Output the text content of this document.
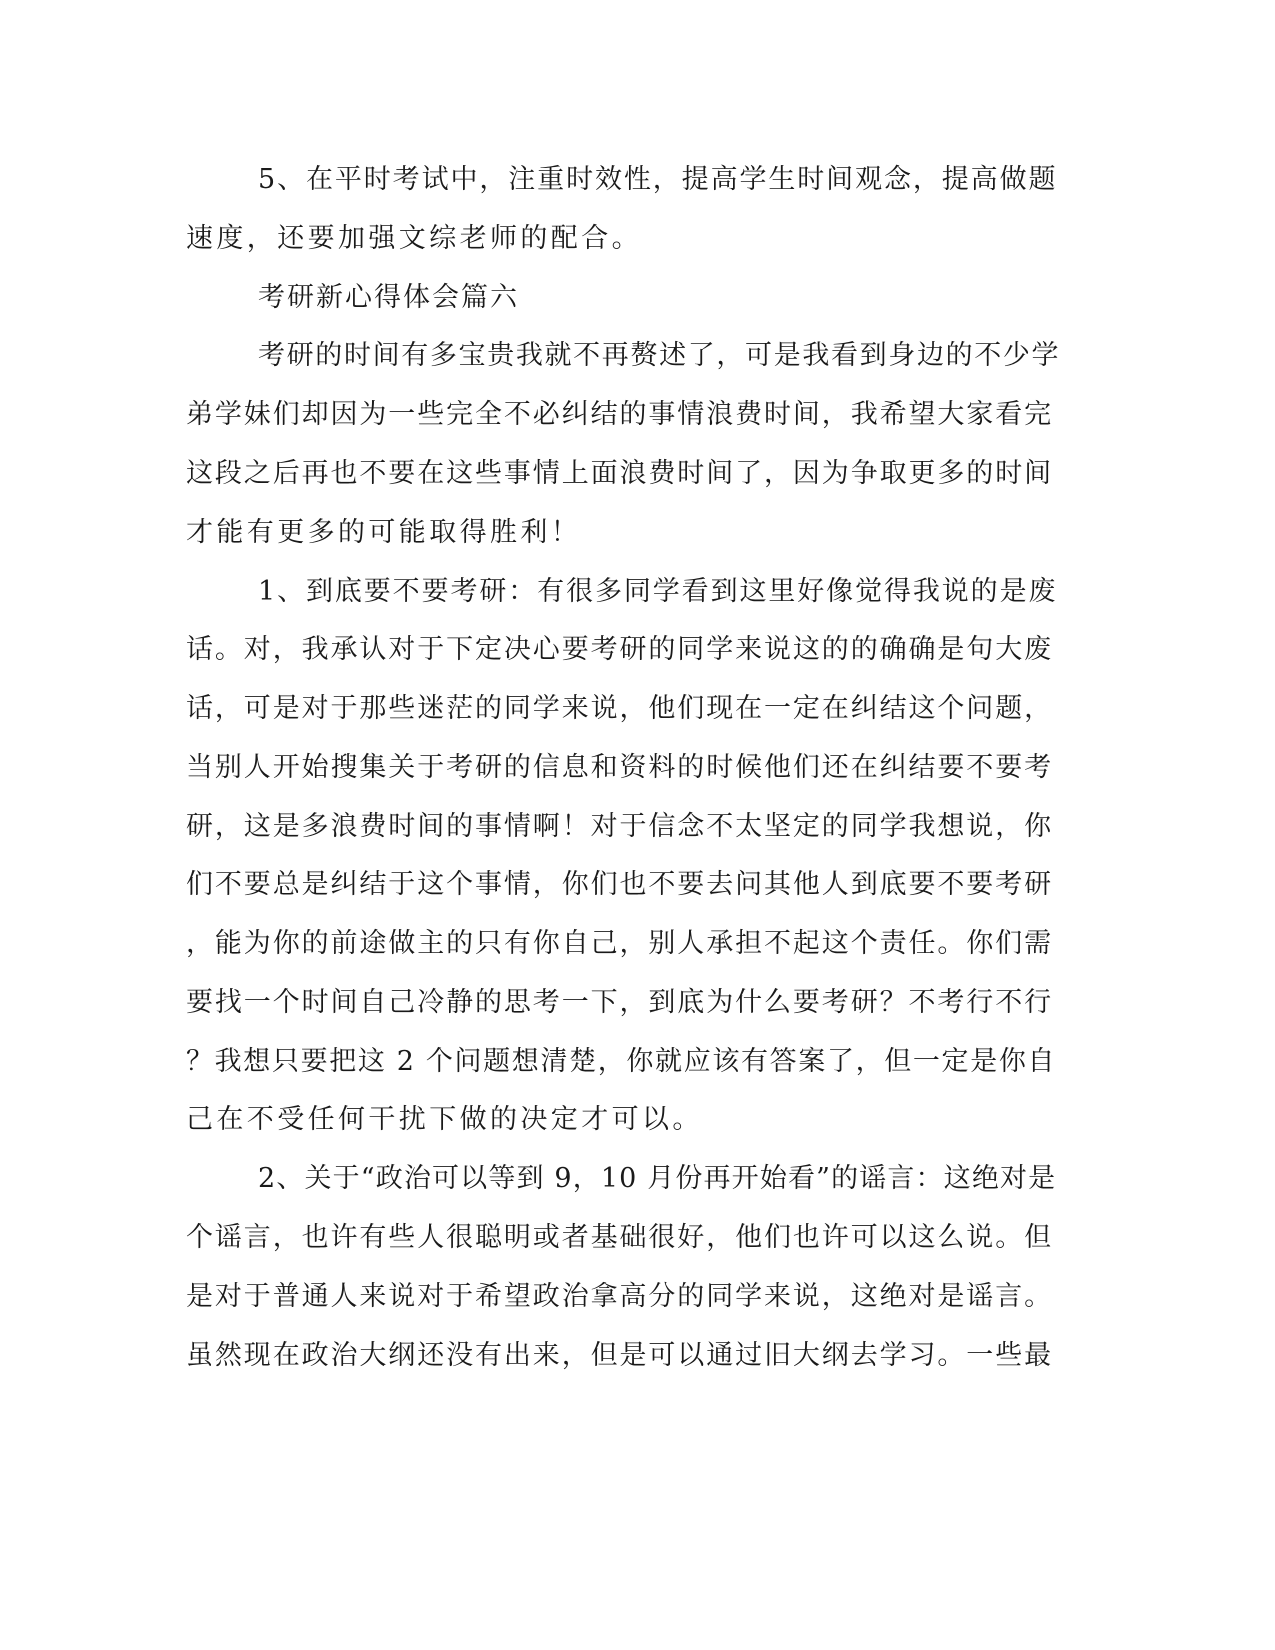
5、在平时考试中，注重时效性，提高学生时间观念，提高做题
速度，还要加强文综老师的配合。
考研新心得体会篇六
考研的时间有多宝贵我就不再赘述了，可是我看到身边的不少学
弟学妹们却因为一些完全不必纠结的事情浪费时间，我希望大家看完
这段之后再也不要在这些事情上面浪费时间了，因为争取更多的时间
才能有更多的可能取得胜利！
1、到底要不要考研：有很多同学看到这里好像觉得我说的是废
话。对，我承认对于下定决心要考研的同学来说这的的确确是句大废
话，可是对于那些迷茫的同学来说，他们现在一定在纠结这个问题，
当别人开始搜集关于考研的信息和资料的时候他们还在纠结要不要考
研，这是多浪费时间的事情啊！对于信念不太坚定的同学我想说，你
们不要总是纠结于这个事情，你们也不要去问其他人到底要不要考研
，能为你的前途做主的只有你自己，别人承担不起这个责任。你们需
要找一个时间自己冷静的思考一下，到底为什么要考研？不考行不行
？我想只要把这 2 个问题想清楚，你就应该有答案了，但一定是你自
己在不受任何干扰下做的决定才可以。
2、关于“政治可以等到 9，10 月份再开始看”的谣言：这绝对是
个谣言，也许有些人很聪明或者基础很好，他们也许可以这么说。但
是对于普通人来说对于希望政治拿高分的同学来说，这绝对是谣言。
虽然现在政治大纲还没有出来，但是可以通过旧大纲去学习。一些最
